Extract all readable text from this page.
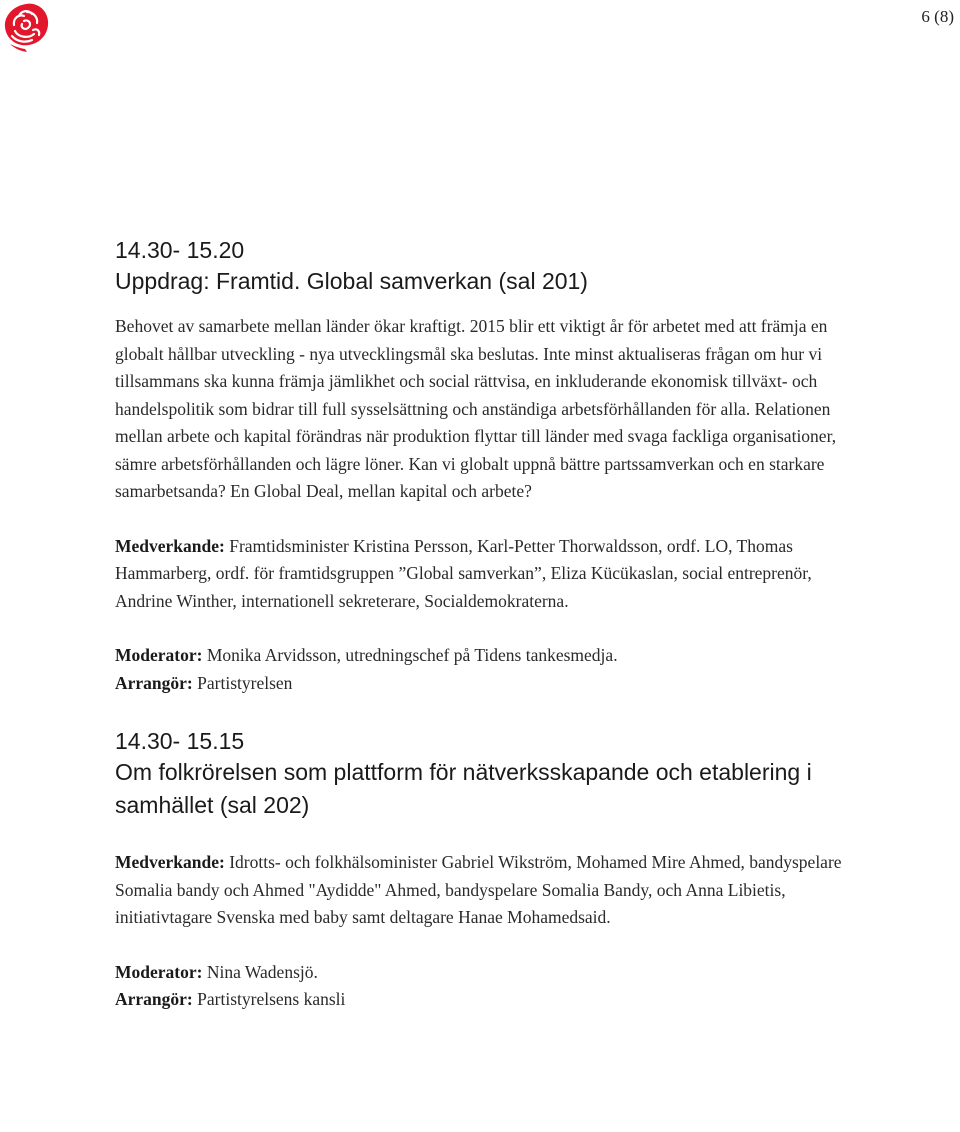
6 (8)

14.30- 15.20

Uppdrag: Framtid. Global samverkan (sal 201)

Behovet av samarbete mellan länder ökar kraftigt. 2015 blir ett viktigt år för arbetet med att främja en globalt hållbar utveckling - nya utvecklingsmål ska beslutas. Inte minst aktualiseras frågan om hur vi tillsammans ska kunna främja jämlikhet och social rättvisa, en inkluderande ekonomisk tillväxt- och handelspolitik som bidrar till full sysselsättning och anständiga arbetsförhållanden för alla. Relationen mellan arbete och kapital förändras när produktion flyttar till länder med svaga fackliga organisationer, sämre arbetsförhållanden och lägre löner. Kan vi globalt uppnå bättre partssamverkan och en starkare samarbetsanda? En Global Deal, mellan kapital och arbete?

Medverkande: Framtidsminister Kristina Persson, Karl-Petter Thorwaldsson, ordf. LO, Thomas Hammarberg, ordf. för framtidsgruppen ”Global samverkan”, Eliza Kücükaslan, social entreprenör, Andrine Winther, internationell sekreterare, Socialdemokraterna.

Moderator: Monika Arvidsson, utredningschef på Tidens tankesmedja.

Arrangör: Partistyrelsen

14.30- 15.15

Om folkrörelsen som plattform för nätverksskapande och etablering i samhället (sal 202)

Medverkande: Idrotts- och folkhälsominister Gabriel Wikström, Mohamed Mire Ahmed, bandyspelare Somalia bandy och Ahmed "Aydidde" Ahmed, bandyspelare Somalia Bandy, och Anna Libietis, initiativtagare Svenska med baby samt deltagare Hanae Mohamedsaid.

Moderator: Nina Wadensjö.

Arrangör: Partistyrelsens kansli
